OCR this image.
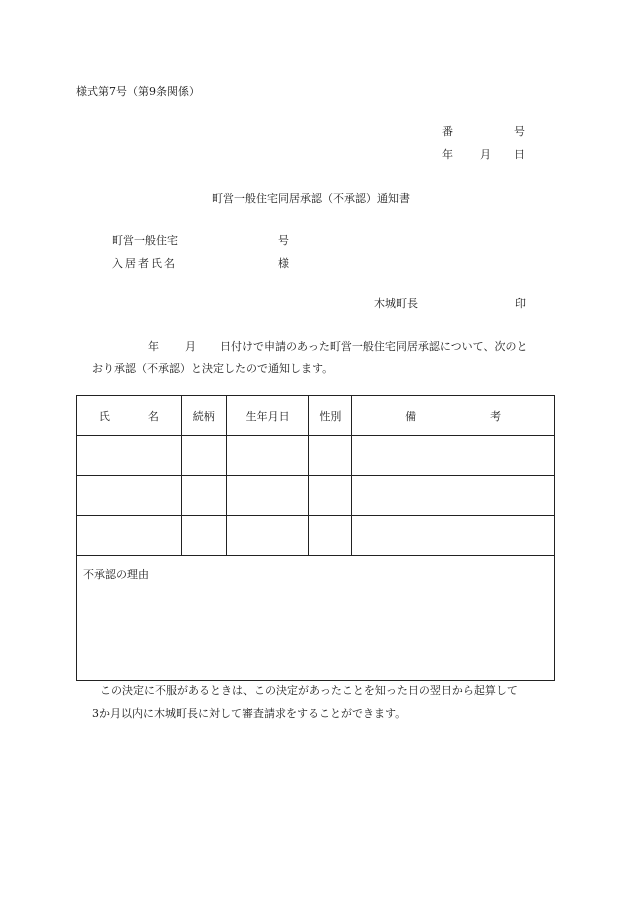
様式第7号（第9条関係）
番	号
年 月 日
町営一般住宅同居承認（不承認）通知書
町営一般住宅	号
入居者氏名	様
木城町長	印
年 月 日付けで申請のあった町営一般住宅同居承認について、次のと
おり承認（不承認）と決定したので通知します。
氏 名	続柄	生年月日	性別	備 考

不承認の理由				
この決定に不服があるときは、この決定があったことを知った日の翌日から起算して
3か月以内に木城町長に対して審査請求をすることができます。
